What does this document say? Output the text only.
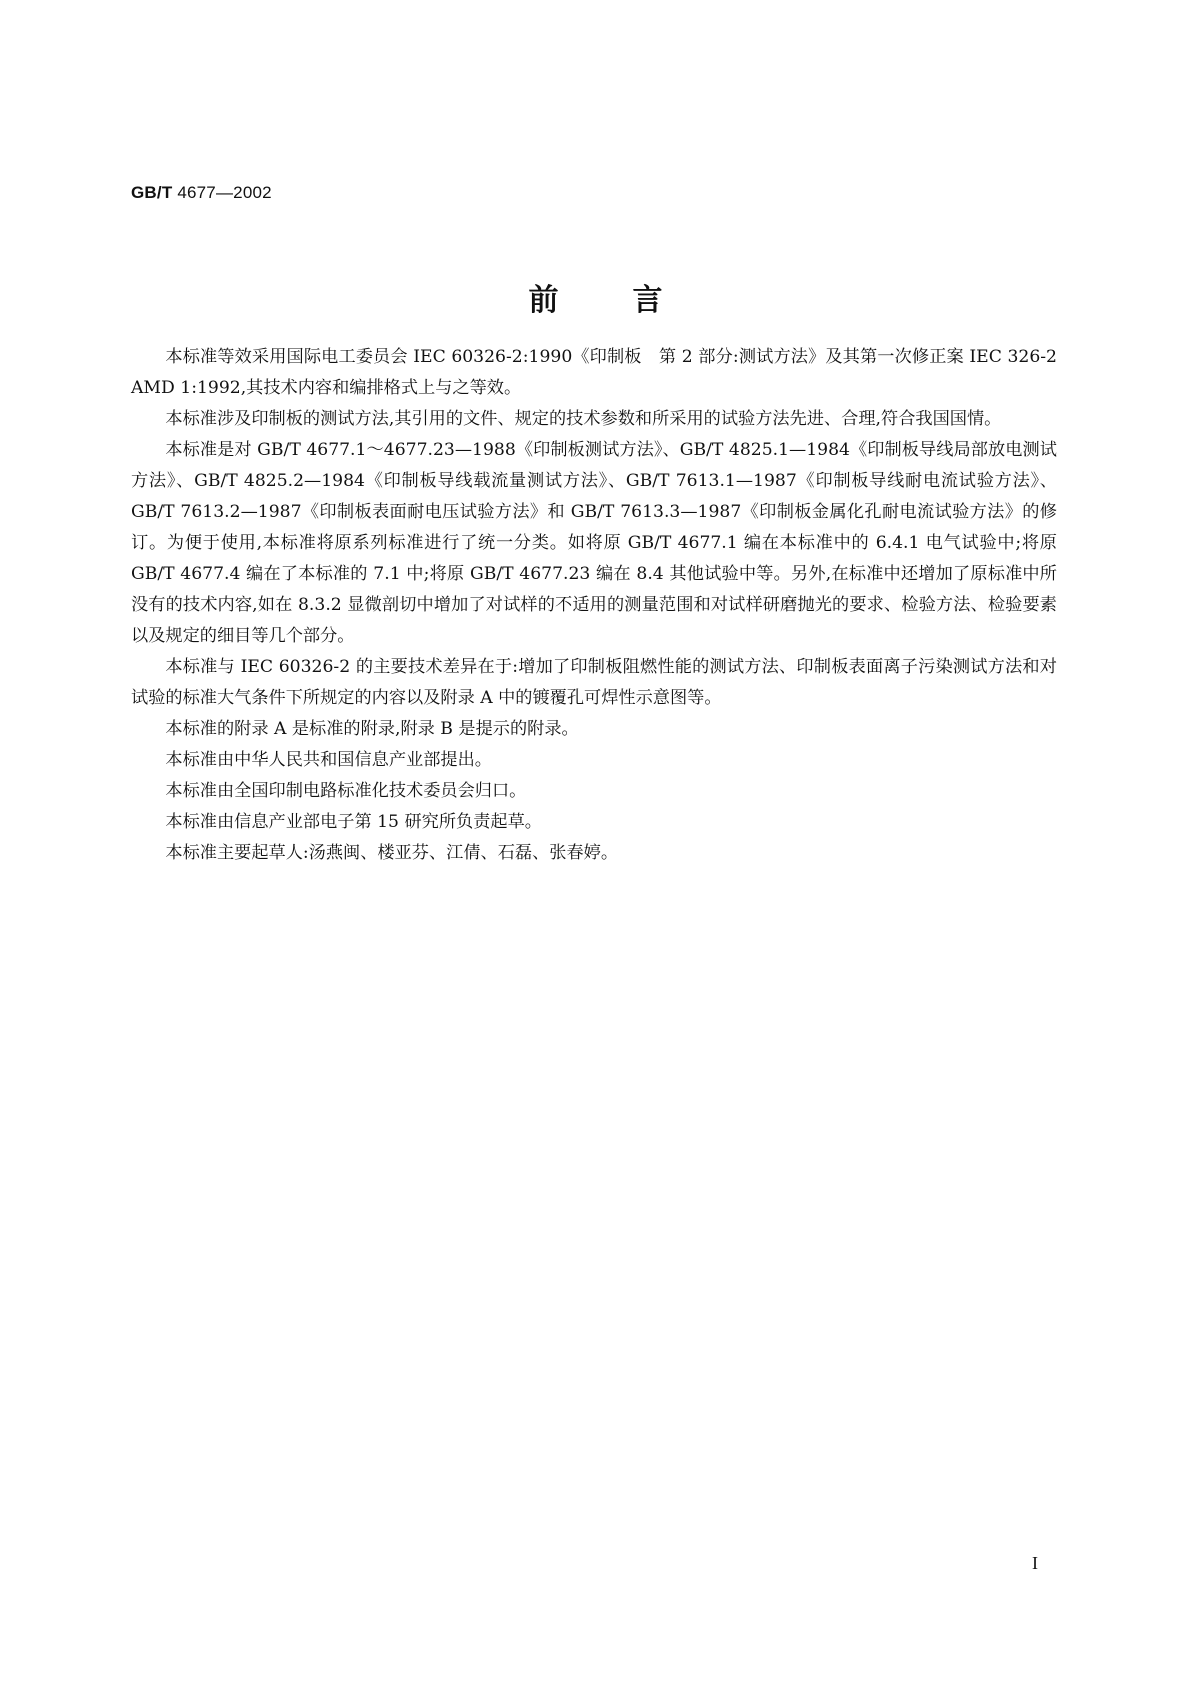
GB/T 4677—2002
前言

本标准等效采用国际电工委员会 IEC 60326-2:1990《印制板　第 2 部分:测试方法》及其第一次修正案 IEC 326-2 AMD 1:1992,其技术内容和编排格式上与之等效。

本标准涉及印制板的测试方法,其引用的文件、规定的技术参数和所采用的试验方法先进、合理,符合我国国情。

本标准是对 GB/T 4677.1～4677.23—1988《印制板测试方法》、GB/T 4825.1—1984《印制板导线局部放电测试方法》、GB/T 4825.2—1984《印制板导线载流量测试方法》、GB/T 7613.1—1987《印制板导线耐电流试验方法》、GB/T 7613.2—1987《印制板表面耐电压试验方法》和 GB/T 7613.3—1987《印制板金属化孔耐电流试验方法》的修订。为便于使用,本标准将原系列标准进行了统一分类。如将原 GB/T 4677.1 编在本标准中的 6.4.1 电气试验中;将原 GB/T 4677.4 编在了本标准的 7.1 中;将原 GB/T 4677.23 编在 8.4 其他试验中等。另外,在标准中还增加了原标准中所没有的技术内容,如在 8.3.2 显微剖切中增加了对试样的不适用的测量范围和对试样研磨抛光的要求、检验方法、检验要素以及规定的细目等几个部分。

本标准与 IEC 60326-2 的主要技术差异在于:增加了印制板阻燃性能的测试方法、印制板表面离子污染测试方法和对试验的标准大气条件下所规定的内容以及附录 A 中的镀覆孔可焊性示意图等。

本标准的附录 A 是标准的附录,附录 B 是提示的附录。

本标准由中华人民共和国信息产业部提出。

本标准由全国印制电路标准化技术委员会归口。

本标准由信息产业部电子第 15 研究所负责起草。

本标准主要起草人:汤燕闽、楼亚芬、江倩、石磊、张春婷。

I
